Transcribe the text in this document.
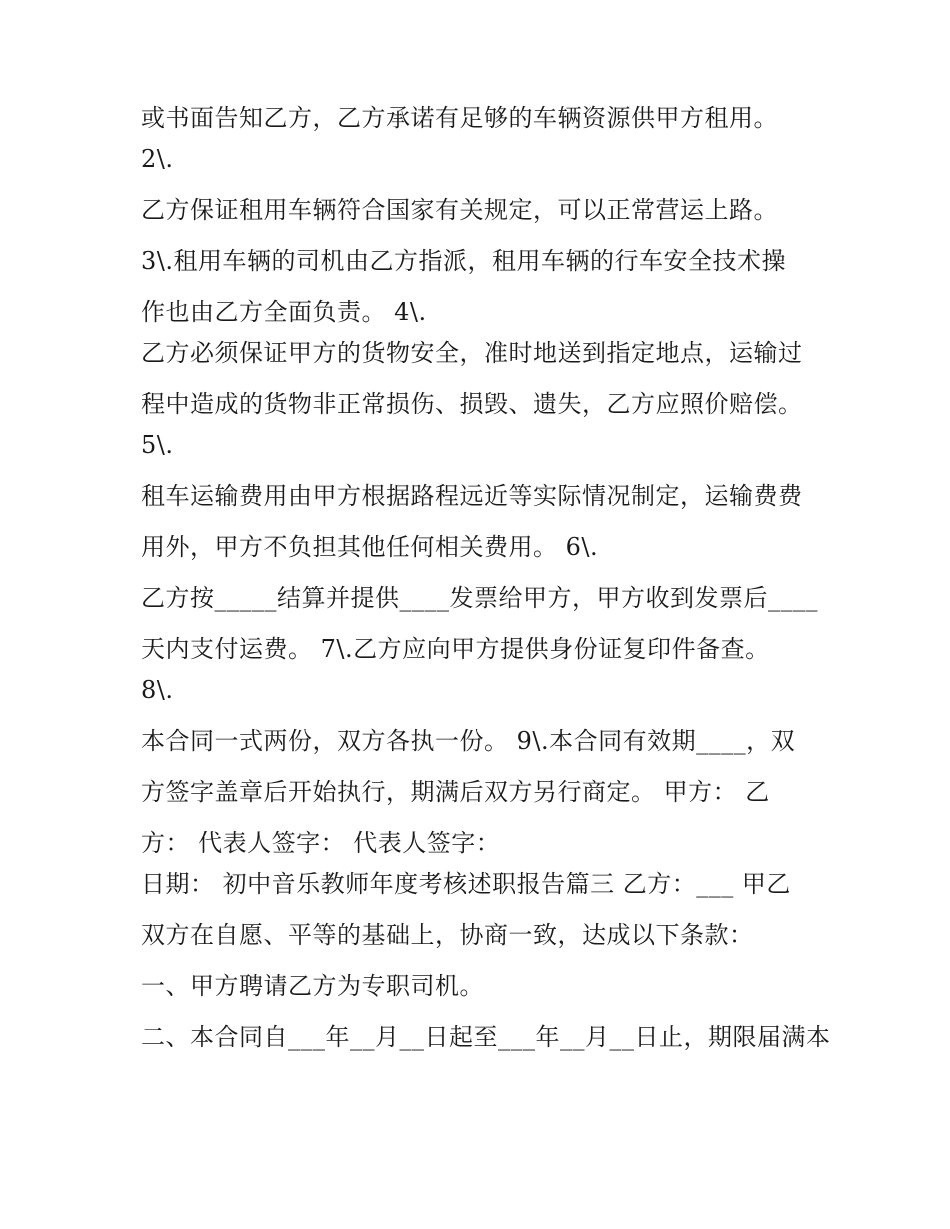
或书面告知乙方，乙方承诺有足够的车辆资源供甲方租用。
2\.
乙方保证租用车辆符合国家有关规定，可以正常营运上路。
3\.租用车辆的司机由乙方指派，租用车辆的行车安全技术操
作也由乙方全面负责。 4\.
乙方必须保证甲方的货物安全，准时地送到指定地点，运输过
程中造成的货物非正常损伤、损毁、遗失，乙方应照价赔偿。
5\.
租车运输费用由甲方根据路程远近等实际情况制定，运输费费
用外，甲方不负担其他任何相关费用。 6\.
乙方按_____结算并提供____发票给甲方，甲方收到发票后____
天内支付运费。 7\.乙方应向甲方提供身份证复印件备查。
8\.
本合同一式两份，双方各执一份。 9\.本合同有效期____，双
方签字盖章后开始执行，期满后双方另行商定。 甲方： 乙
方： 代表人签字： 代表人签字：
日期： 初中音乐教师年度考核述职报告篇三 乙方：___ 甲乙
双方在自愿、平等的基础上，协商一致，达成以下条款：
一、甲方聘请乙方为专职司机。
二、本合同自___年__月__日起至___年__月__日止，期限届满本
